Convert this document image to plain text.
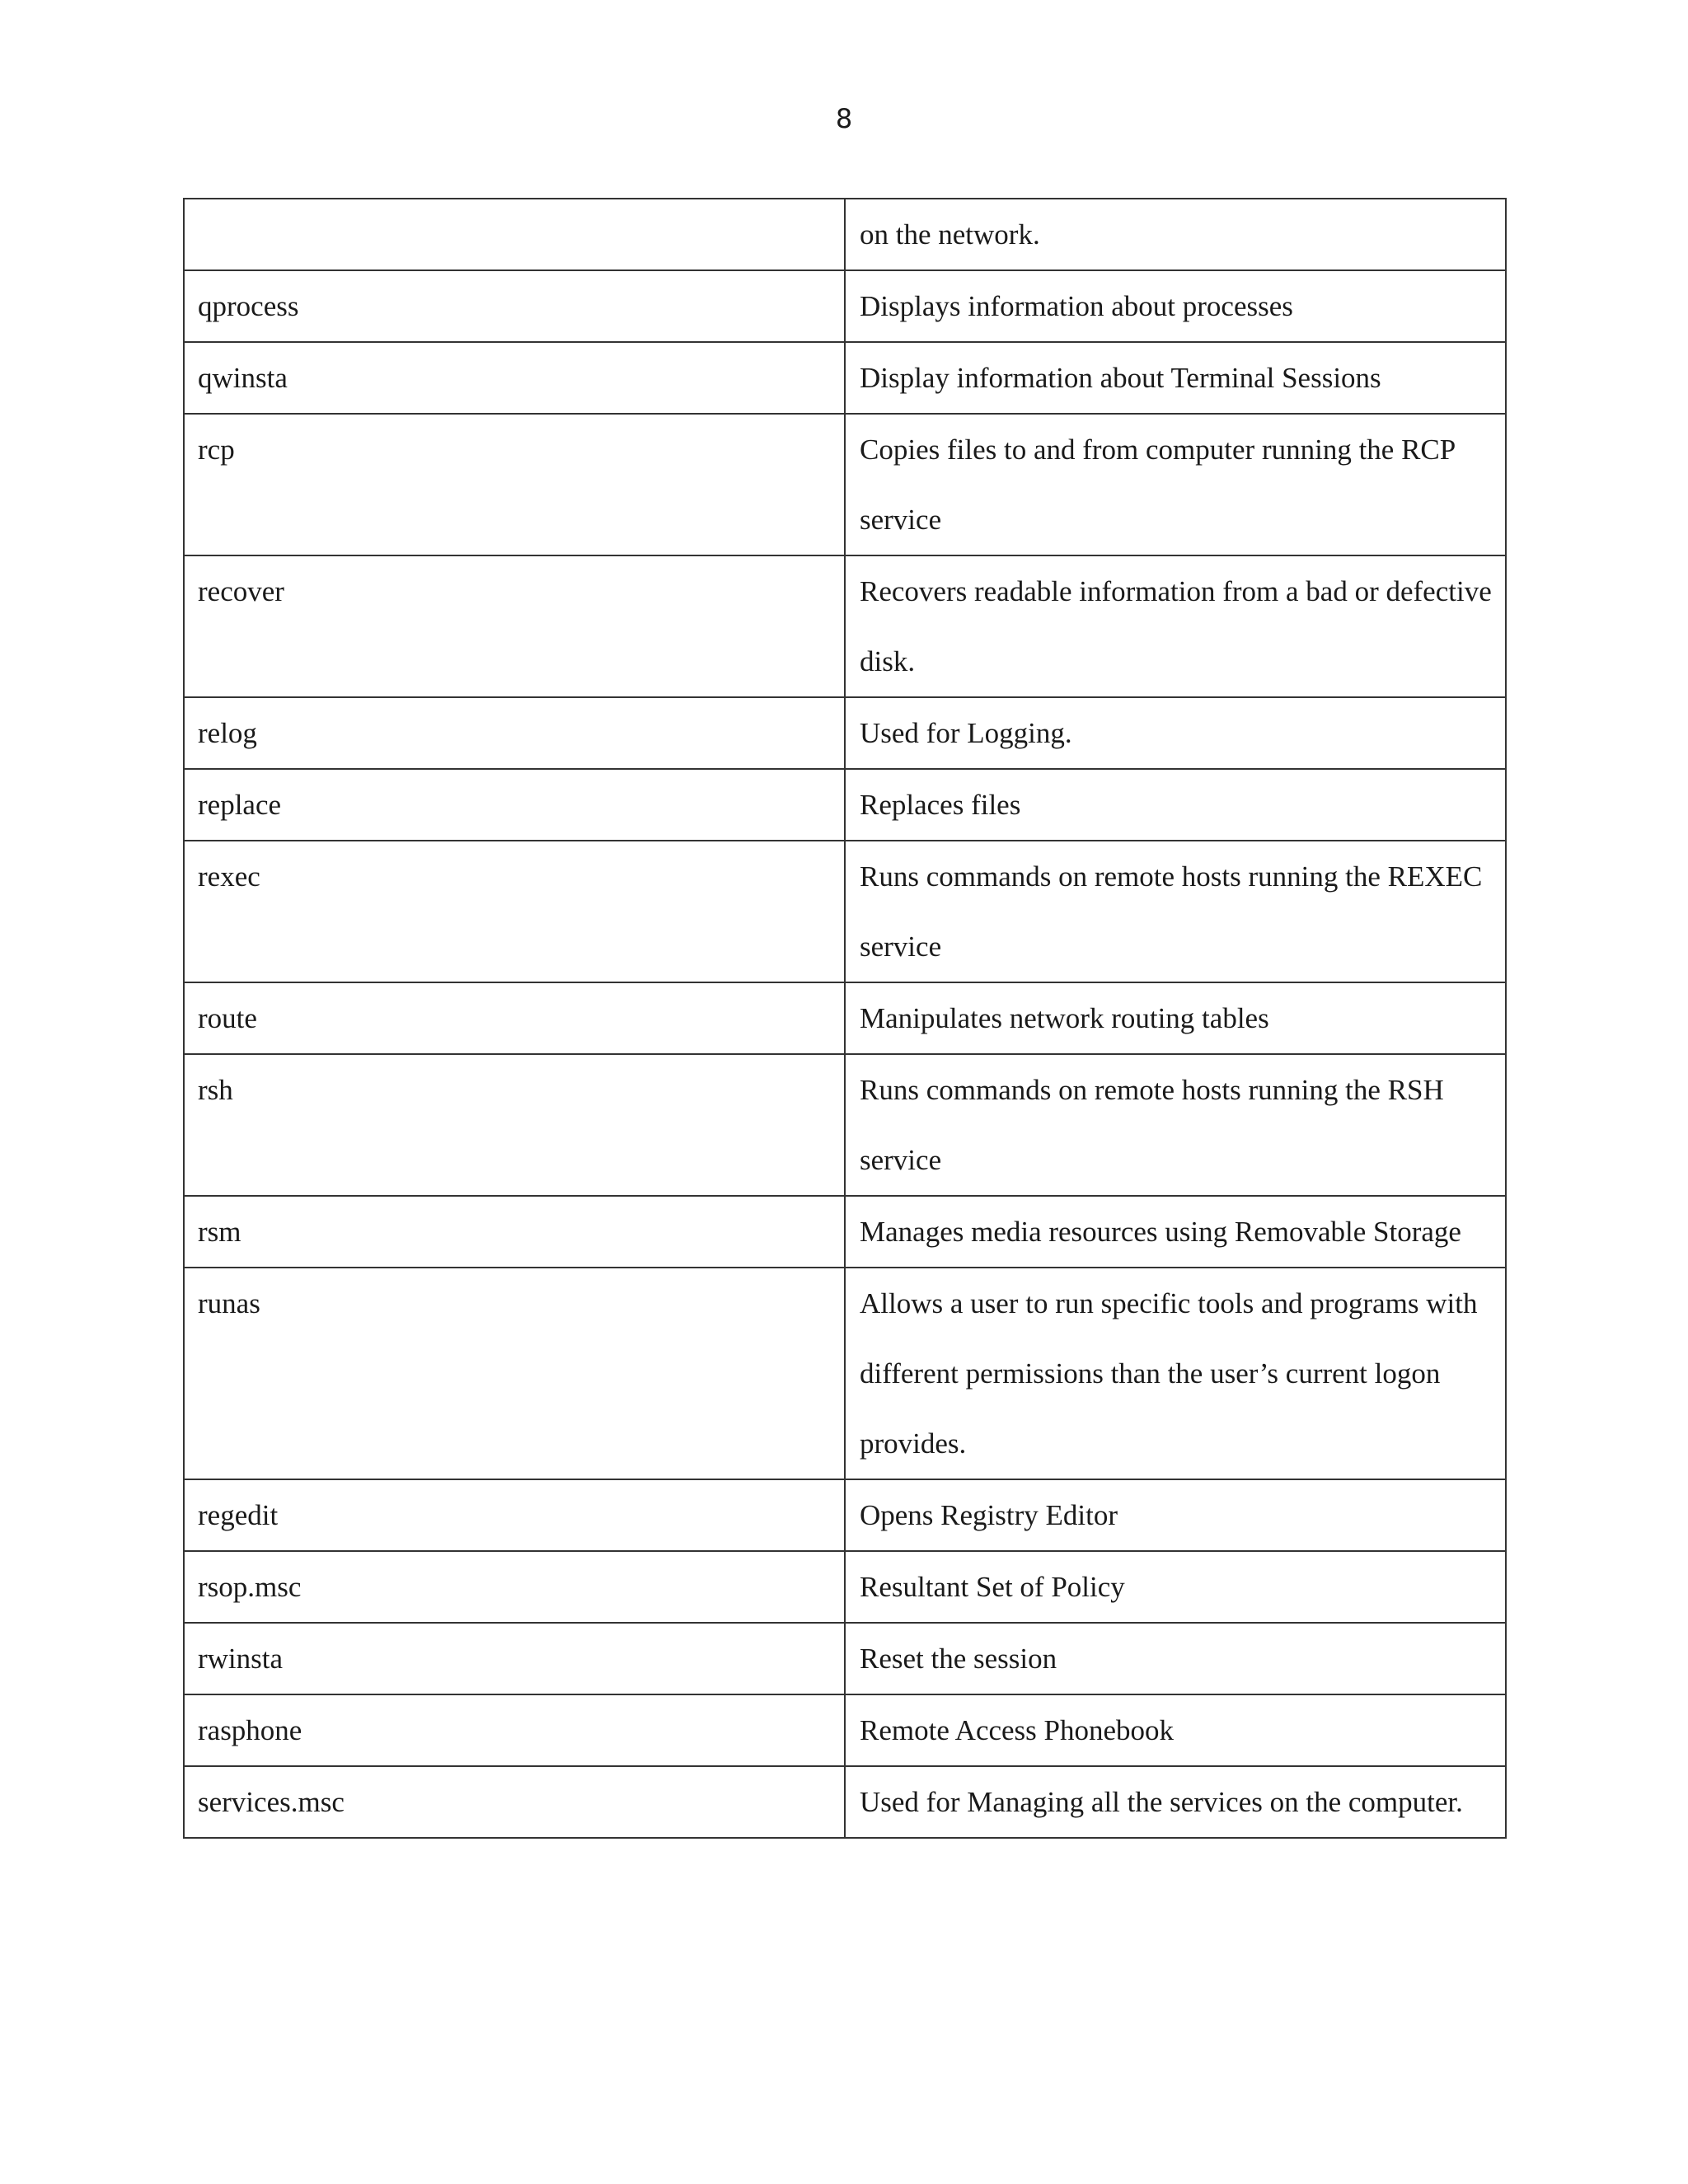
8
	on the network.
qprocess	Displays information about processes
qwinsta	Display information about Terminal Sessions
rcp	Copies files to and from computer running the RCP service
recover	Recovers readable information from a bad or defective disk.
relog	Used for Logging.
replace	Replaces files
rexec	Runs commands on remote hosts running the REXEC service
route	Manipulates network routing tables
rsh	Runs commands on remote hosts running the RSH service
rsm	Manages media resources using Removable Storage
runas	Allows a user to run specific tools and programs with different permissions than the user’s current logon provides.
regedit	Opens Registry Editor
rsop.msc	Resultant Set of Policy
rwinsta	Reset the session
rasphone	Remote Access Phonebook
services.msc	Used for Managing all the services on the computer.
